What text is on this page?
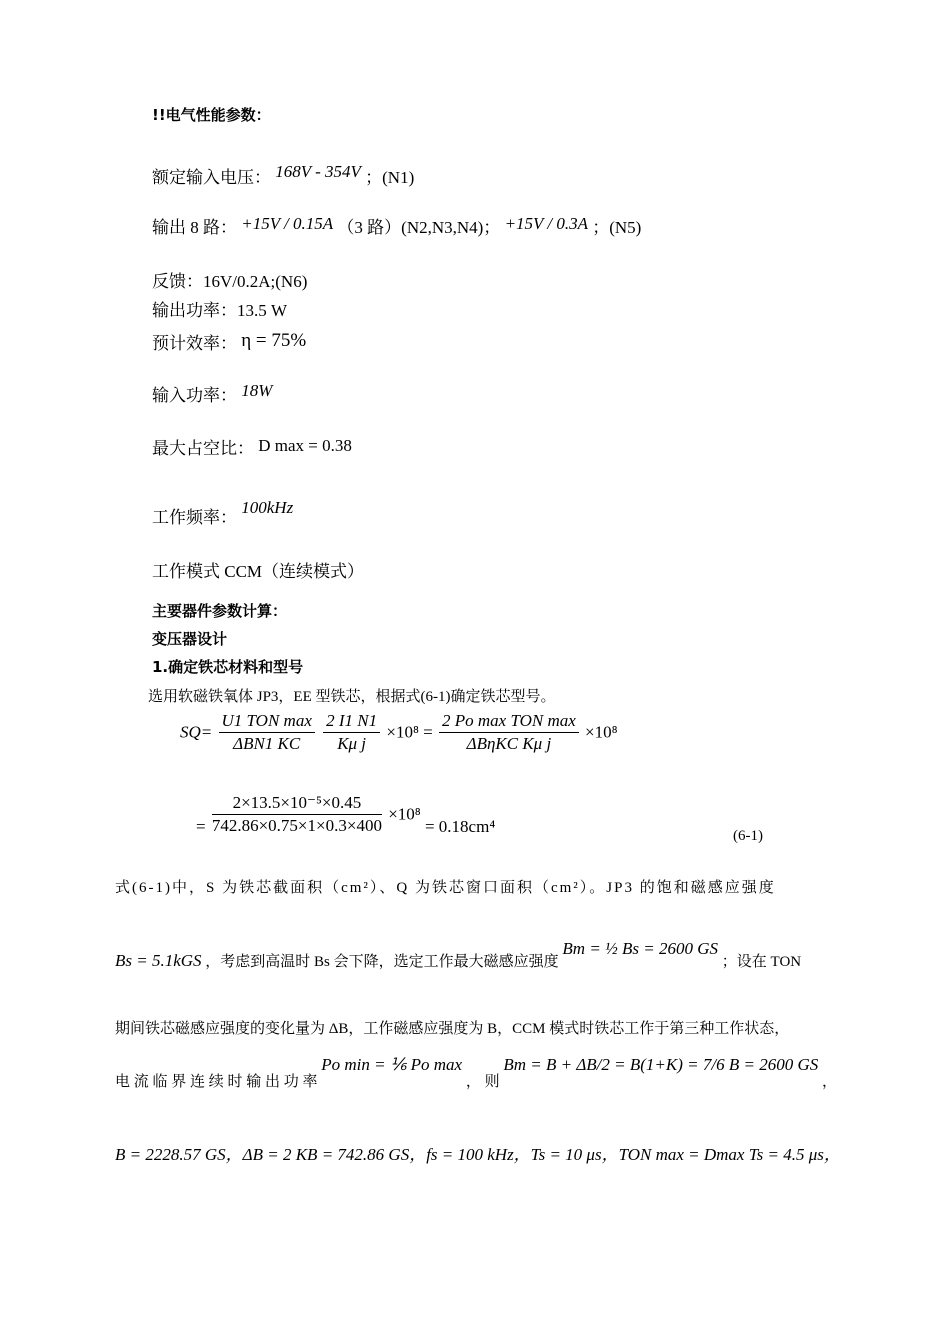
!!电气性能参数：
额定输入电压： 168V - 354V ；(N1)
输出 8 路： +15V / 0.15A （3 路）(N2,N3,N4)； +15V / 0.3A ；(N5)
反馈：16V/0.2A;(N6)
输出功率：13.5 W
预计效率： η = 75%
输入功率： 18W
最大占空比： D max = 0.38
工作频率： 100kHz
工作模式 CCM（连续模式）
主要器件参数计算：
变压器设计
1.确定铁芯材料和型号
选用软磁铁氧体 JP3，EE 型铁芯，根据式(6-1)确定铁芯型号。
$SQ= \frac{\text{U1 TON max}}{\text{ΔBN1 KC}}$
$\frac{2 I1 N1}{\text{Kμ j}} \times 10^8 = \frac{\text{2 Po max TON max}}{\text{ΔBηKC Kμ j}} \times 10^8$
= $\frac{\text{2×13.5×10⁻⁵×0.45}}{742.86\times 0.75\times 1\times 0.3\times 400} \times 10^8 = 0.18cm^4$	(6-1)
式(6-1)中，S 为铁芯截面积（cm²）、Q 为铁芯窗口面积（cm²）。JP3 的饱和磁感应强度
Bs = 5.1kGS ，考虑到高温时 Bs 会下降，选定工作最大磁感应强度 Bm = ½ Bs = 2600 GS ；设在 TON
期间铁芯磁感应强度的变化量为 ΔB，工作磁感应强度为 B，CCM 模式时铁芯工作于第三种工作状态，
电 流 临 界 连 续 时 输 出 功 率 Po min = ⅙ Po max ， 则 Bm = B + ΔB/2 = B(1+K) = 7/6 B = 2600 GS ，
B = 2228.57 GS，ΔB = 2 KB = 742.86 GS，fs = 100 kHz，Ts = 10 μs，TON max = Dmax Ts = 4.5 μs，
